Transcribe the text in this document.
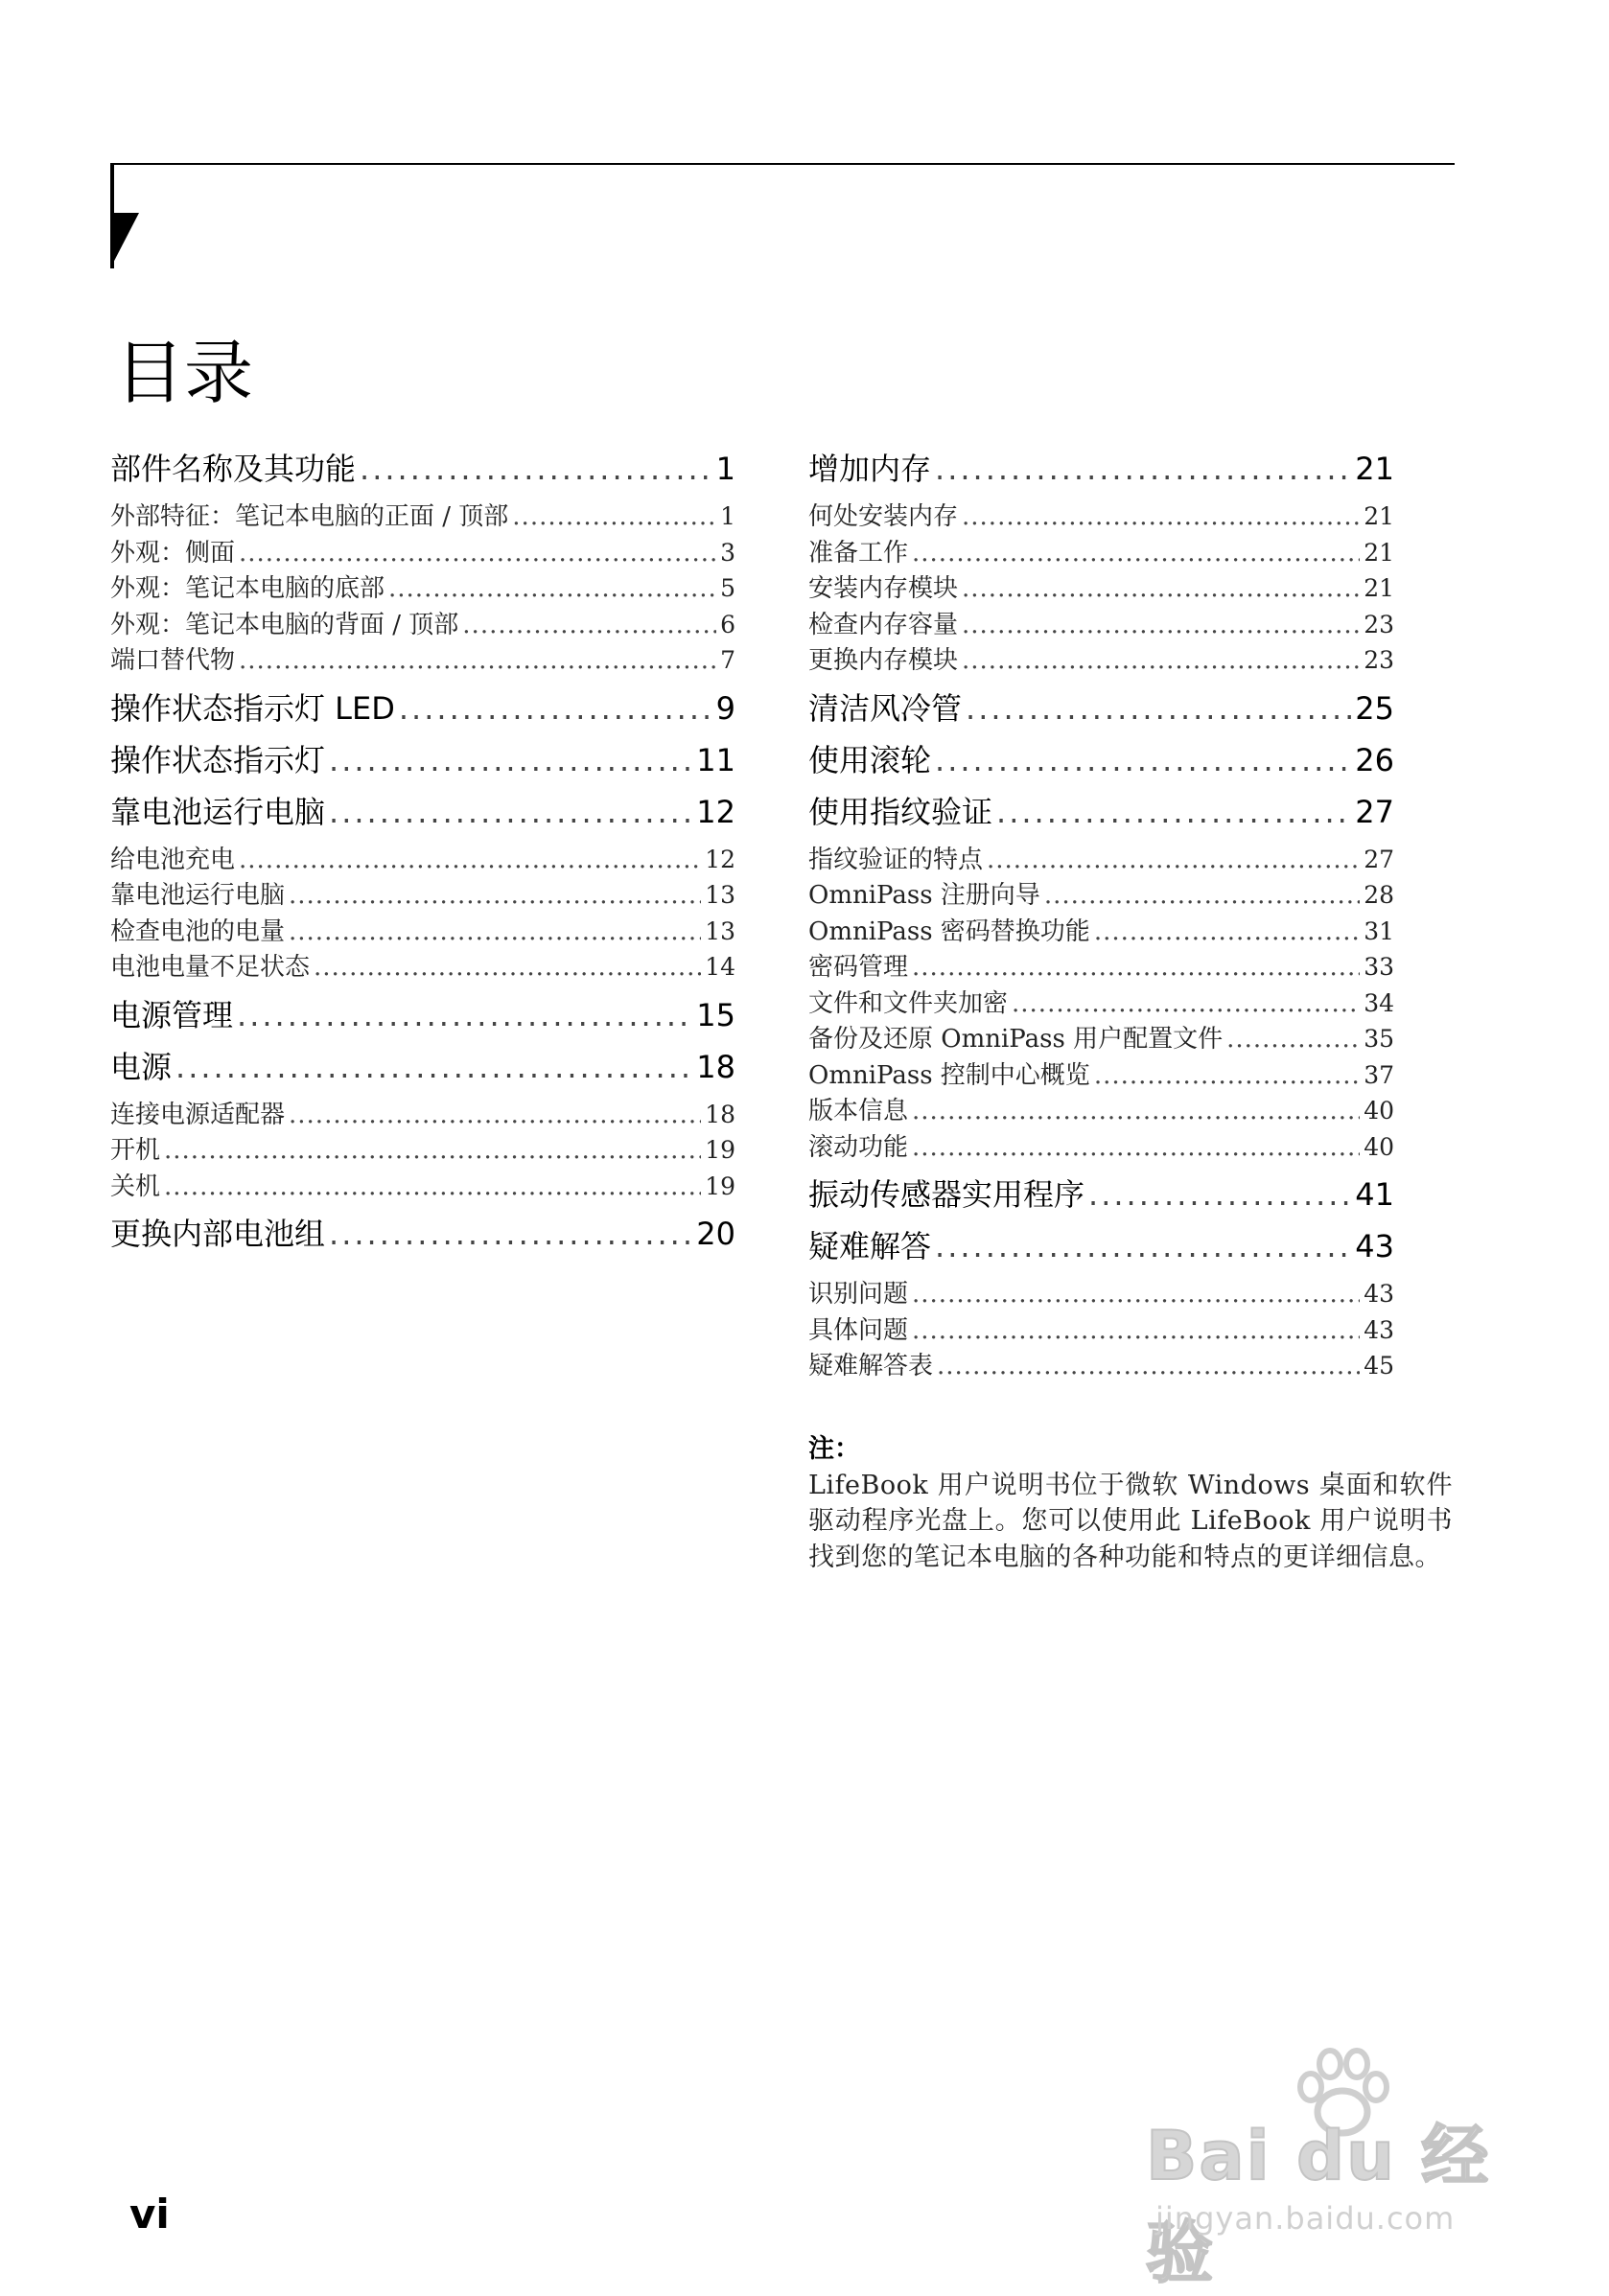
目录
部件名称及其功能 .....	1
外部特征：笔记本电脑的正面 / 顶部 .....	1
外观：侧面 .....	3
外观：笔记本电脑的底部 .....	5
外观：笔记本电脑的背面 / 顶部 .....	6
端口替代物 .....	7
操作状态指示灯 LED .....	9
操作状态指示灯 .....	11
靠电池运行电脑 .....	12
给电池充电 .....	12
靠电池运行电脑 .....	13
检查电池的电量 .....	13
电池电量不足状态 .....	14
电源管理 .....	15
电源 .....	18
连接电源适配器 .....	18
开机 .....	19
关机 .....	19
更换内部电池组 .....	20
增加内存 .....	21
何处安装内存 .....	21
准备工作 .....	21
安装内存模块 .....	21
检查内存容量 .....	23
更换内存模块 .....	23
清洁风冷管 .....	25
使用滚轮 .....	26
使用指纹验证 .....	27
指纹验证的特点 .....	27
OmniPass 注册向导 .....	28
OmniPass 密码替换功能 .....	31
密码管理 .....	33
文件和文件夹加密 .....	34
备份及还原 OmniPass 用户配置文件 .....	35
OmniPass 控制中心概览 .....	37
版本信息 .....	40
滚动功能 .....	40
振动传感器实用程序 .....	41
疑难解答 .....	43
识别问题 .....	43
具体问题 .....	43
疑难解答表 .....	45
注：
LifeBook 用户说明书位于微软 Windows 桌面和软件驱动程序光盘上。您可以使用此 LifeBook 用户说明书找到您的笔记本电脑的各种功能和特点的更详细信息。
vi
Bai du 经验
jingyan.baidu.com
